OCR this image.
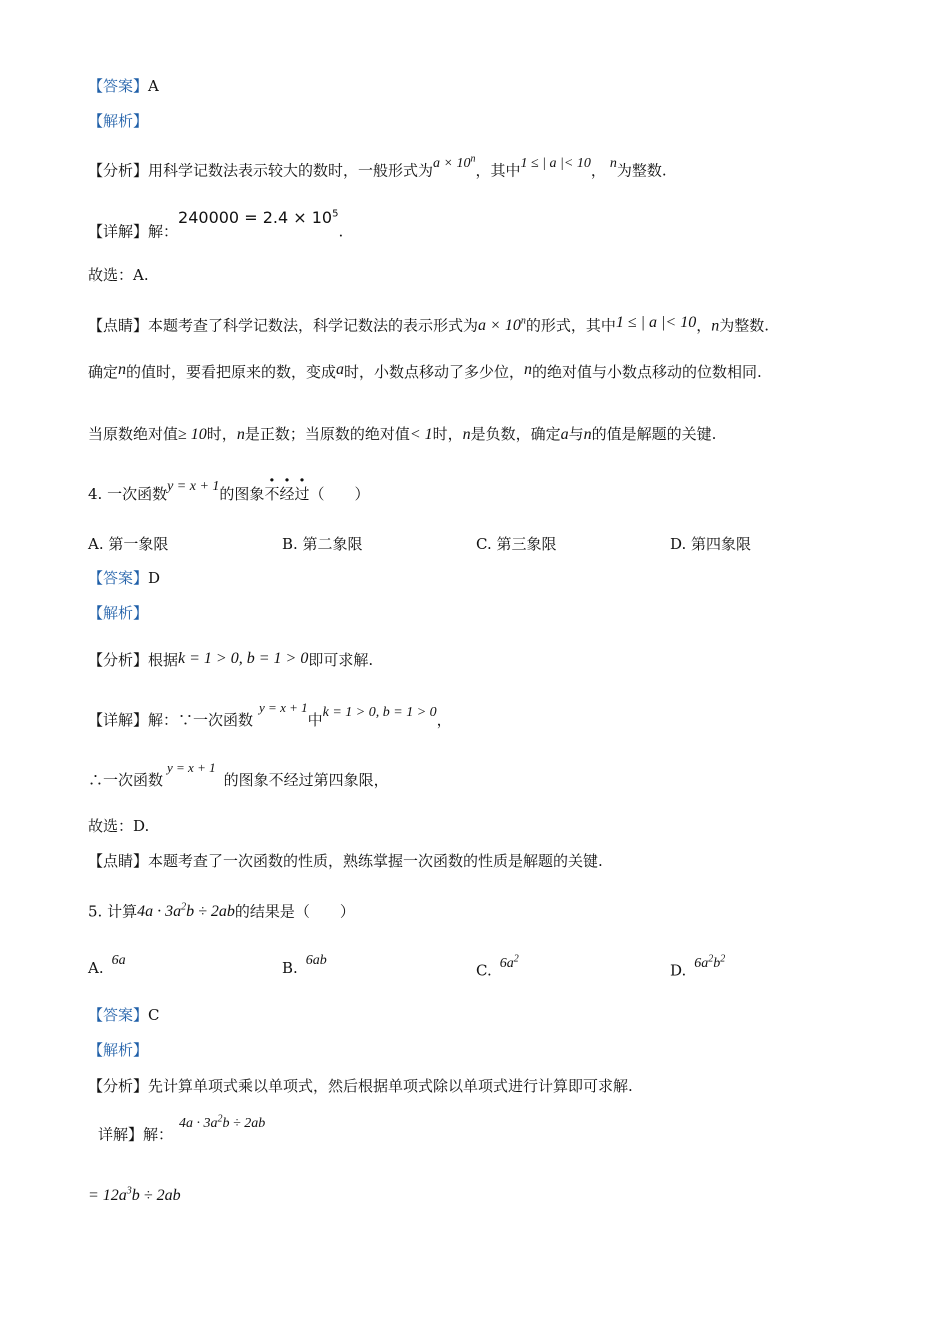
【答案】A
【解析】
【分析】用科学记数法表示较大的数时，一般形式为$a \times 10^n$，其中1 ≤ | a |< 10， n为整数.
【详解】解：$240000 = 2.4 \times 10^5$.
故选：A.
【点睛】本题考查了科学记数法，科学记数法的表示形式为$a \times 10^n$的形式，其中1 ≤ | a |< 10，n为整数.
确定n的值时，要看把原来的数，变成a时，小数点移动了多少位，n的绝对值与小数点移动的位数相同.
当原数绝对值≥ 10时，n是正数；当原数的绝对值< 1时，n是负数，确定a与n的值是解题的关键.
4. 一次函数y = x + 1的图象不经过（　　）
A. 第一象限	B. 第二象限	C. 第三象限	D. 第四象限
【答案】D
【解析】
【分析】根据k = 1 > 0, b = 1 > 0即可求解.
【详解】解：∵一次函数y = x + 1中k = 1 > 0, b = 1 > 0，
∴一次函数y = x + 1的图象不经过第四象限，
故选：D.
【点睛】本题考查了一次函数的性质，熟练掌握一次函数的性质是解题的关键.
5. 计算$4a \cdot 3a^2b \div 2ab$的结果是（　　）
A. 6a	B. 6ab
C. $6a^2$
D. $6a^2b^2$
【答案】C
【解析】
【分析】先计算单项式乘以单项式，然后根据单项式除以单项式进行计算即可求解.
详解】解：$4a \cdot 3a^2b \div 2ab$
= $12a^3b \div 2ab$
